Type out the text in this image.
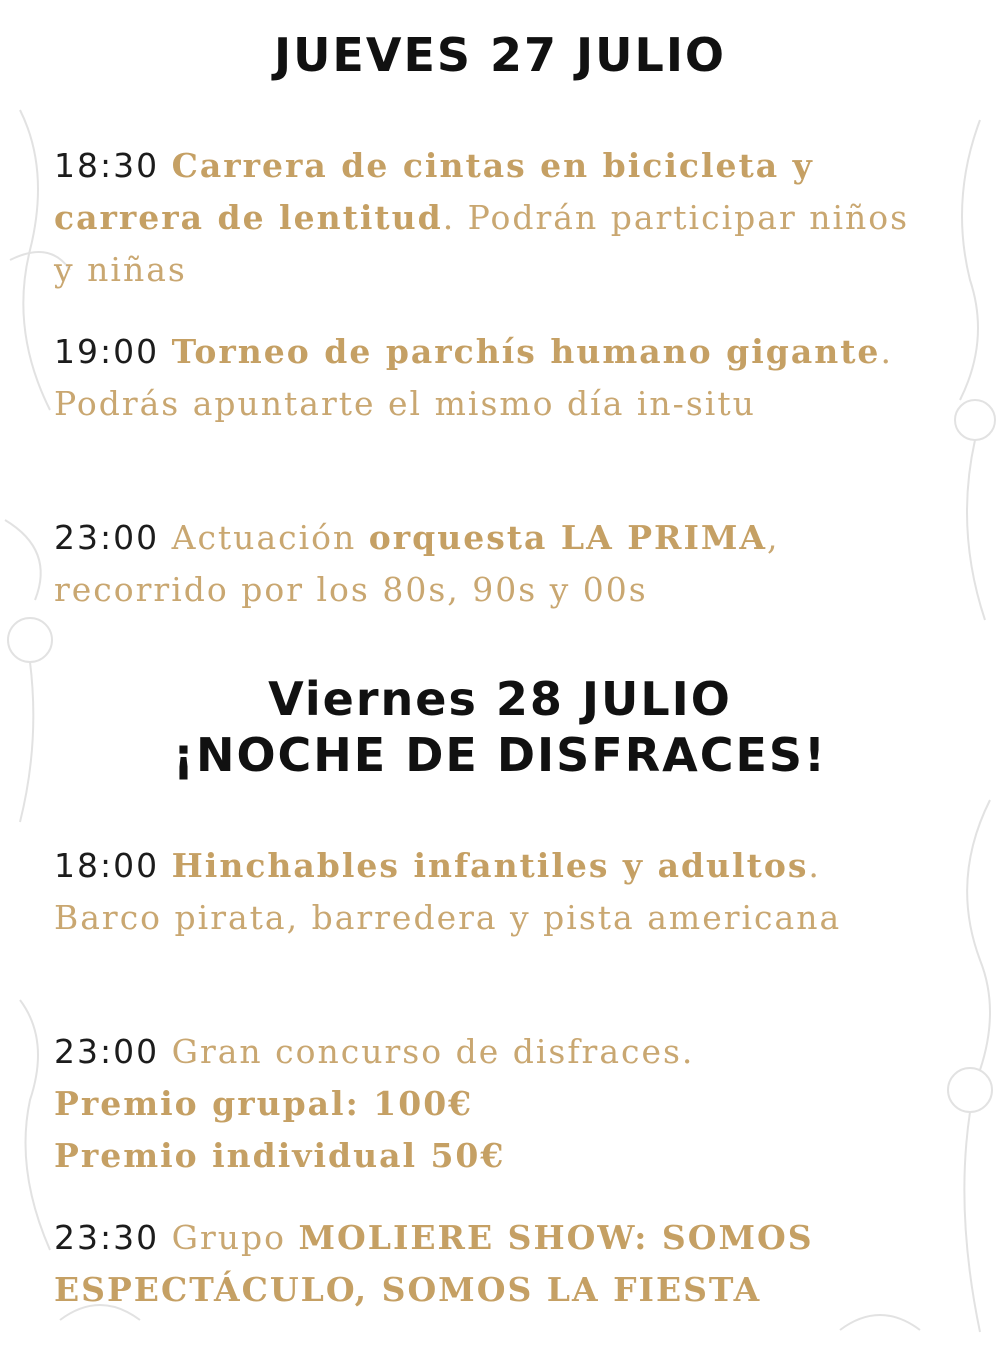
JUEVES 27 JULIO
18:30 Carrera de cintas en bicicleta y carrera de lentitud. Podrán participar niños y niñas
19:00 Torneo de parchís humano gigante. Podrás apuntarte el mismo día in-situ
23:00 Actuación orquesta LA PRIMA, recorrido por los 80s, 90s y 00s
Viernes 28 JULIO
¡NOCHE DE DISFRACES!
18:00 Hinchables infantiles y adultos. Barco pirata, barredera y pista americana
23:00 Gran concurso de disfraces.
Premio grupal: 100€
Premio individual 50€
23:30 Grupo MOLIERE SHOW: SOMOS ESPECTÁCULO, SOMOS LA FIESTA
